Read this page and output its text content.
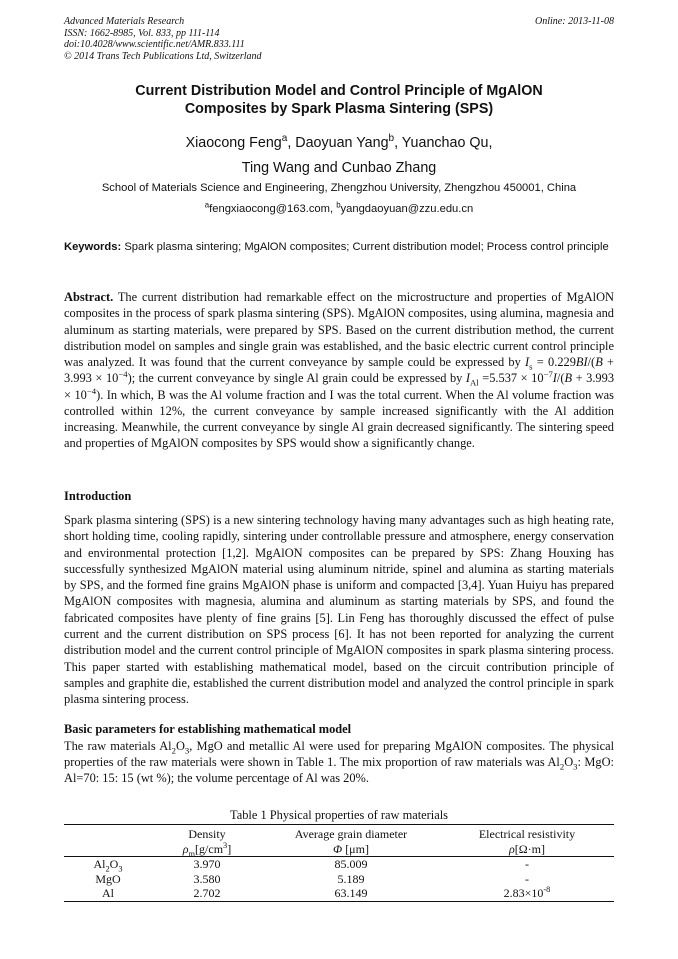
Advanced Materials Research
ISSN: 1662-8985, Vol. 833, pp 111-114
doi:10.4028/www.scientific.net/AMR.833.111
© 2014 Trans Tech Publications Ltd, Switzerland
Online: 2013-11-08
Current Distribution Model and Control Principle of MgAlON
Composites by Spark Plasma Sintering (SPS)
Xiaocong Feng$^a$, Daoyuan Yang$^b$, Yuanchao Qu,
Ting Wang and Cunbao Zhang
School of Materials Science and Engineering, Zhengzhou University, Zhengzhou 450001, China
$^a$fengxiaocong@163.com, $^b$yangdaoyuan@zzu.edu.cn
Keywords: Spark plasma sintering; MgAlON composites; Current distribution model; Process control principle
Abstract. The current distribution had remarkable effect on the microstructure and properties of MgAlON composites in the process of spark plasma sintering (SPS). MgAlON composites, using alumina, magnesia and aluminum as starting materials, were prepared by SPS. Based on the current distribution method, the current distribution model on samples and single grain was established, and the basic electric current control principle was analyzed. It was found that the current conveyance by sample could be expressed by $I_s = 0.229BI/(B + 3.993 \times 10^{-4})$; the current conveyance by single Al grain could be expressed by $I_{Al} =5.537 \times 10^{-7}I/(B + 3.993 \times 10^{-4})$. In which, B was the Al volume fraction and I was the total current. When the Al volume fraction was controlled within 12%, the current conveyance by sample increased significantly with the Al addition increasing. Meanwhile, the current conveyance by single Al grain decreased significantly. The sintering speed and properties of MgAlON composites by SPS would show a significantly change.
Introduction
Spark plasma sintering (SPS) is a new sintering technology having many advantages such as high heating rate, short holding time, cooling rapidly, sintering under controllable pressure and atmosphere, energy conservation and environmental protection [1,2]. MgAlON composites can be prepared by SPS: Zhang Houxing has successfully synthesized MgAlON material using aluminum nitride, spinel and alumina as starting materials by SPS, and the formed fine grains MgAlON phase is uniform and compacted [3,4]. Yuan Huiyu has prepared MgAlON composites with magnesia, alumina and aluminum as starting materials by SPS, and found the fabricated composites have plenty of fine grains [5]. Lin Feng has thoroughly discussed the effect of pulse current and the current distribution on SPS process [6]. It has not been reported for analyzing the current distribution model and the current control principle of MgAlON composites in spark plasma sintering process. This paper started with establishing mathematical model, based on the circuit contribution principle of samples and graphite die, established the current distribution model and analyzed the control principle in spark plasma sintering process.
Basic parameters for establishing mathematical model
The raw materials $Al_2O_3$, MgO and metallic Al were used for preparing MgAlON composites. The physical properties of the raw materials were shown in Table 1. The mix proportion of raw materials was $Al_2O_3$: MgO: Al=70: 15: 15 (wt %); the volume percentage of Al was 20%.
Table 1 Physical properties of raw materials
	Density	Average grain diameter	Electrical resistivity
	$\rho_m[g/cm^3]$	Φ [μm]	ρ[Ω·m]
$Al_2O_3$	3.970	85.009	-
MgO	3.580	5.189	-
Al	2.702	63.149	$2.83\times 10^{-8}$
